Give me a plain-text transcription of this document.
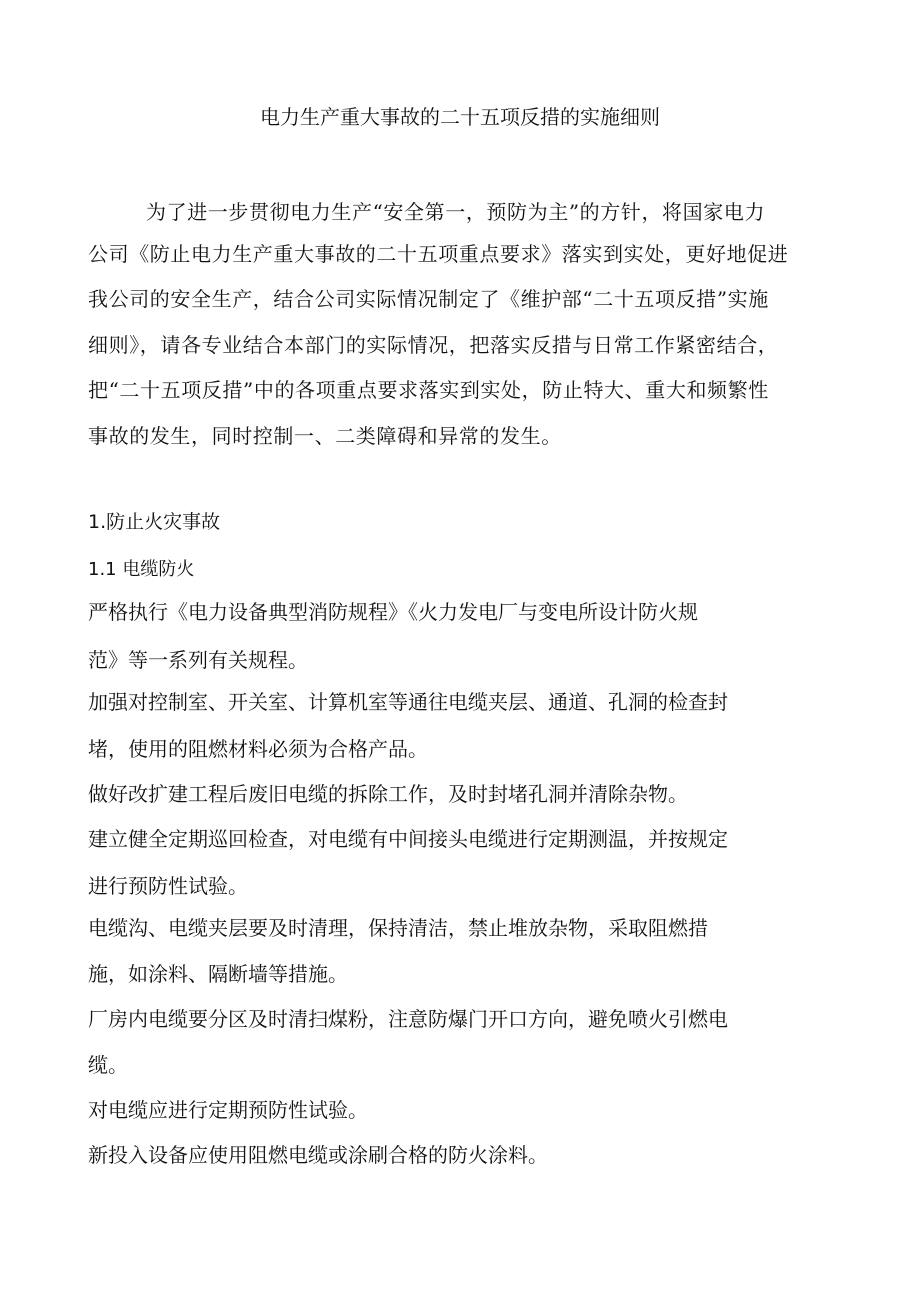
电力生产重大事故的二十五项反措的实施细则
为了进一步贯彻电力生产“安全第一，预防为主”的方针，将国家电力
公司《防止电力生产重大事故的二十五项重点要求》落实到实处，更好地促进
我公司的安全生产，结合公司实际情况制定了《维护部“二十五项反措”实施
细则》，请各专业结合本部门的实际情况，把落实反措与日常工作紧密结合，
把“二十五项反措”中的各项重点要求落实到实处，防止特大、重大和频繁性
事故的发生，同时控制一、二类障碍和异常的发生。
1.防止火灾事故
1.1 电缆防火
严格执行《电力设备典型消防规程》《火力发电厂与变电所设计防火规
范》等一系列有关规程。
加强对控制室、开关室、计算机室等通往电缆夹层、通道、孔洞的检查封
堵，使用的阻燃材料必须为合格产品。
做好改扩建工程后废旧电缆的拆除工作，及时封堵孔洞并清除杂物。
建立健全定期巡回检查，对电缆有中间接头电缆进行定期测温，并按规定
进行预防性试验。
电缆沟、电缆夹层要及时清理，保持清洁，禁止堆放杂物，采取阻燃措
施，如涂料、隔断墙等措施。
厂房内电缆要分区及时清扫煤粉，注意防爆门开口方向，避免喷火引燃电
缆。
对电缆应进行定期预防性试验。
新投入设备应使用阻燃电缆或涂刷合格的防火涂料。
